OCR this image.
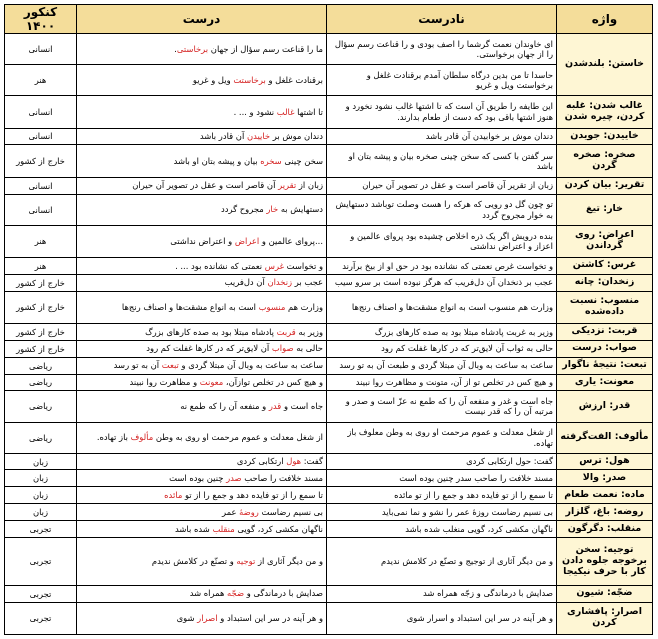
واژه	نادرست	درست	کنکور ۱۴۰۰
خاستن: بلندشدن	ای خاوندان نعمت گرشما را اصف بودی و را قناعت رسم سؤال را از جهان برخواستی.	ما را قناعت رسم سؤال از جهان برخاستی.	انسانی
	حاسدا تا من بدین درگاه سلطان آمدم برقنادت غلغل و برخواستت ویل و غریو	برقنادت غلغل و برخاستت ویل و غریو	هنر
غالب شدن: غلبه کردن، چیره شدن	این طایفه را طریق آن است که تا اشتها غالب نشود نخورد و هنوز اشتها باقی بود که دست از طعام بدارند.	تا اشتها غالب نشود و ... .	انسانی
خاییدن: جویدن	دندان موش بر خوابیدن آن قادر باشد	دندان موش بر خاییدن آن قادر باشد	انسانی
صخره: صخره گردن	سر گفتن با کسی که سخن چینی صخره بیان و پیشه بتان او باشد	سخن چینی سخره بیان و پیشه بتان او باشد	خارج از کشور
تقریر: بیان کردن	زبان از تقریر آن قاصر است و عقل در تصویر آن حیران	زبان از تقریر آن قاصر است و عقل در تصویر آن حیران	انسانی
خار: تیغ	تو چون گل دو رویی که هرکه را هست وصلت توباشد دستهایش به خوار مجروح گردد	دستهایش به خار مجروح گردد	انسانی
اعراض: روی گرداندن	بنده درویش اگر یک ذره اخلاص چشیده بود پروای عالمین و اعزاز و اعتراض نداشتی	...پروای عالمین و اعراض و اعتراض نداشتی	هنر
غرس: کاشتن	و تخواست غرص نعمتی که نشانده بود در حق او از بیخ برآرند	و تخواست غرس نعمتی که نشانده بود ... .	هنر
زنخدان: چانه	عجب بر ذنخدان آن دل‌فریب که هرگز نبوده است بر سرو سیب	عجب بر زنخدان آن دل‌فریب	خارج از کشور
منسوب: نسبت داده‌شده	وزارت هم منسوب است به انواع مشقت‌ها و اصناف رنج‌ها	وزارت هم منسوب است به انواع مشقت‌ها و اصناف رنج‌ها	خارج از کشور
قربت: نزدیکی	وزیر به غربت پادشاه مبتلا بود به صده کارهای بزرگ	وزیر به قربت پادشاه مبتلا بود به صده کارهای بزرگ	خارج از کشور
صواب: درست	حالی به ثواب آن لایق‌تر که در کارها غفلت کم رود	حالی به صواب آن لایق‌تر که در کارها غفلت کم رود	خارج از کشور
تبعت: نتیجۀ ناگوار	ساعت به ساعت به وبال آن مبتلا گردی و طبعت آن به تو رسد	ساعت به ساعت به وبال آن مبتلا گردی و تبعت آن به تو رسد	ریاضی
معونت: یاری	و هیچ کس در تخلص تو از آن، متونت و مظاهرت روا نبیند	و هیچ کس در تخلص توازآن، معونت و مظاهرت روا نبیند	ریاضی
قدر: ارزش	جاه است و غدر و منفعه آن را که طمع نه عزّ است و صدر و مرتبه آن را که قدر نیست	جاه است و قدر و منفعه آن را که طمع نه	ریاضی
مألوف: الفت‌گرفته	از شغل معدلت و عموم مرحمت او روی به وطن معلوف باز تهاده.	از شغل معدلت و عموم مرحمت او روی به وطن مألوف باز تهاده.	ریاضی
هول: ترس	گفت: حول ارتکابی کردی	گفت: هول ارتکابی کردی	زبان
صدر: والا	مسند خلافت را صاحب سدر چنین بوده است	مسند خلافت را صاحب صدر چنین بوده است	زبان
ماده: نعمت طعام	تا سمع را از تو فایده دهد و جمع را از تو مائده	تا سمع را از تو فایده دهد و جمع را از تو مائده	زبان
روضه: باغ، گلزار	بی نسیم رضاست روزۀ عمر را نشو و نما نمی‌باید	بی نسیم رضاست روضۀ عمر	زبان
منقلب: دگرگون	ناگهان مکشی کرد، گویی منغلب شده باشد	ناگهان مکشی کرد، گویی منقلب شده باشد	تجربی
توجیه: سخن برخوجه جلوه دادن کار با حرف نیکیجا	و من دیگر آثاری از توجیج و تصنّع در کلامش ندیدم	و من دیگر آثاری از توجیه و تصنّع در کلامش ندیدم	تجربی
ضجّه: شیون	صدایش با درماندگی و زجّه همراه شد	صدایش با درماندگی و ضجّه همراه شد	تجربی
اصرار: پافشاری کردن	و هر آینه در سر این استبداد و اسرار شوی	و هر آینه در سر این استبداد و اصرار شوی	تجربی
